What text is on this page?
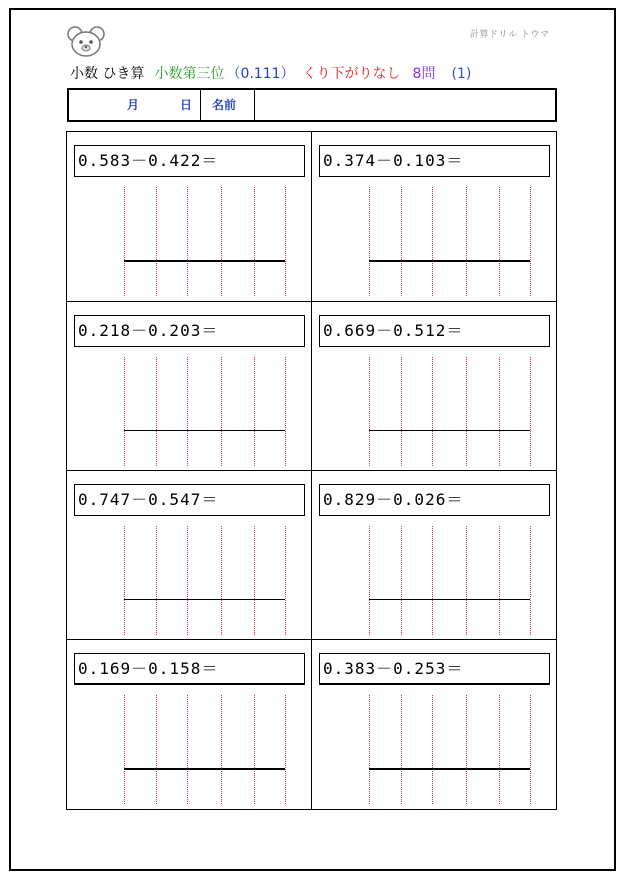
計算ドリル トウマ
小数 ひき算 小数第三位 （0.111） くり下がりなし 8問 (1)
月	日 名前
0.583－0.422＝	0.374－0.103＝
0.218－0.203＝	0.669－0.512＝
0.747－0.547＝	0.829－0.026＝
0.169－0.158＝	0.383－0.253＝
